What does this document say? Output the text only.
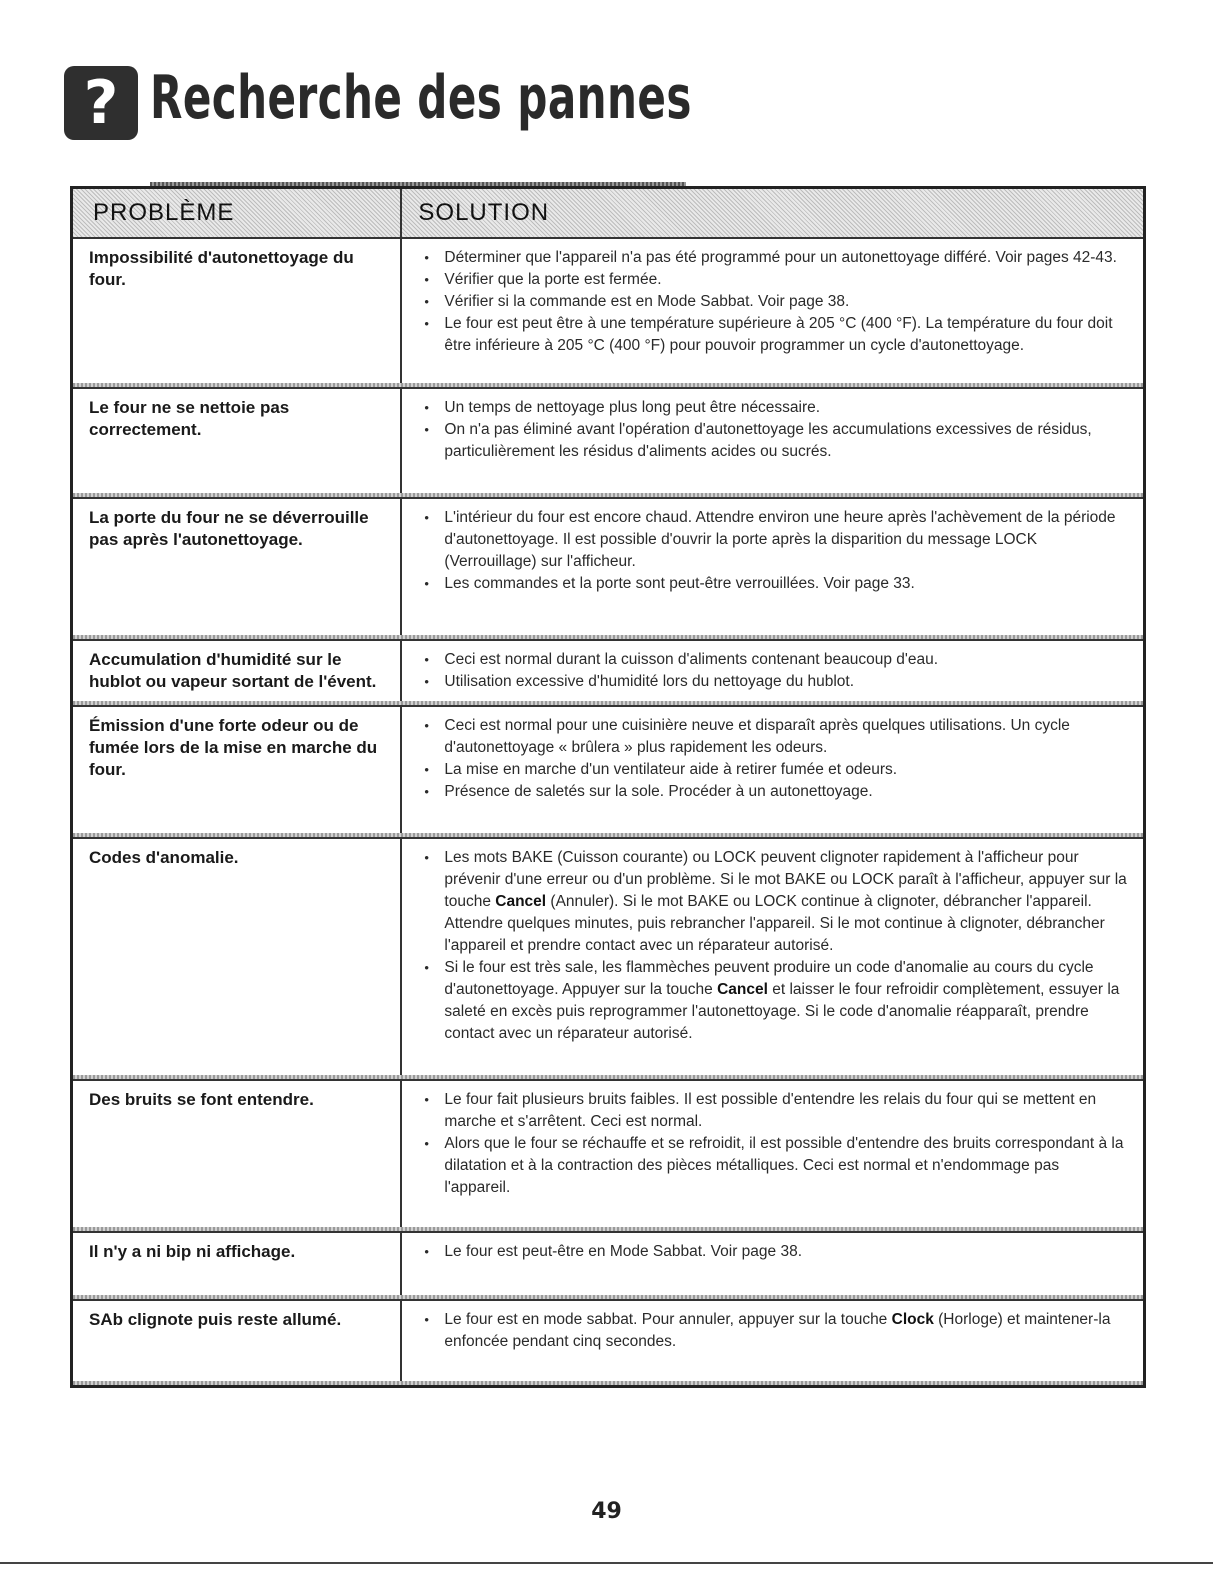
? Recherche des pannes
PROBLÈME	SOLUTION
Impossibilité d'autonettoyage du four.
• Déterminer que l'appareil n'a pas été programmé pour un autonettoyage différé. Voir pages 42-43.
• Vérifier que la porte est fermée.
• Vérifier si la commande est en Mode Sabbat. Voir page 38.
• Le four est peut être à une température supérieure à 205 °C (400 °F). La température du four doit être inférieure à 205 °C (400 °F) pour pouvoir programmer un cycle d'autonettoyage.
Le four ne se nettoie pas correctement.
• Un temps de nettoyage plus long peut être nécessaire.
• On n'a pas éliminé avant l'opération d'autonettoyage les accumulations excessives de résidus, particulièrement les résidus d'aliments acides ou sucrés.
La porte du four ne se déverrouille pas après l'autonettoyage.
• L'intérieur du four est encore chaud. Attendre environ une heure après l'achèvement de la période d'autonettoyage. Il est possible d'ouvrir la porte après la disparition du message LOCK (Verrouillage) sur l'afficheur.
• Les commandes et la porte sont peut-être verrouillées. Voir page 33.
Accumulation d'humidité sur le hublot ou vapeur sortant de l'évent.
• Ceci est normal durant la cuisson d'aliments contenant beaucoup d'eau.
• Utilisation excessive d'humidité lors du nettoyage du hublot.
Émission d'une forte odeur ou de fumée lors de la mise en marche du four.
• Ceci est normal pour une cuisinière neuve et disparaît après quelques utilisations. Un cycle d'autonettoyage « brûlera » plus rapidement les odeurs.
• La mise en marche d'un ventilateur aide à retirer fumée et odeurs.
• Présence de saletés sur la sole. Procéder à un autonettoyage.
Codes d'anomalie.	• Les mots BAKE (Cuisson courante) ou LOCK peuvent clignoter rapidement à l'afficheur pour prévenir d'une erreur ou d'un problème. Si le mot BAKE ou LOCK paraît à l'afficheur, appuyer sur la touche Cancel (Annuler). Si le mot BAKE ou LOCK continue à clignoter, débrancher l'appareil. Attendre quelques minutes, puis rebrancher l'appareil. Si le mot continue à clignoter, débrancher l'appareil et prendre contact avec un réparateur autorisé.
• Si le four est très sale, les flammèches peuvent produire un code d'anomalie au cours du cycle d'autonettoyage. Appuyer sur la touche Cancel et laisser le four refroidir complètement, essuyer la saleté en excès puis reprogrammer l'autonettoyage. Si le code d'anomalie réapparaît, prendre contact avec un réparateur autorisé.
Des bruits se font entendre.	• Le four fait plusieurs bruits faibles. Il est possible d'entendre les relais du four qui se mettent en marche et s'arrêtent. Ceci est normal.
• Alors que le four se réchauffe et se refroidit, il est possible d'entendre des bruits correspondant à la dilatation et à la contraction des pièces métalliques. Ceci est normal et n'endommage pas l'appareil.
Il n'y a ni bip ni affichage.	• Le four est peut-être en Mode Sabbat. Voir page 38.
SAb clignote puis reste allumé.	• Le four est en mode sabbat. Pour annuler, appuyer sur la touche Clock (Horloge) et maintener-la enfoncée pendant cinq secondes.
49
